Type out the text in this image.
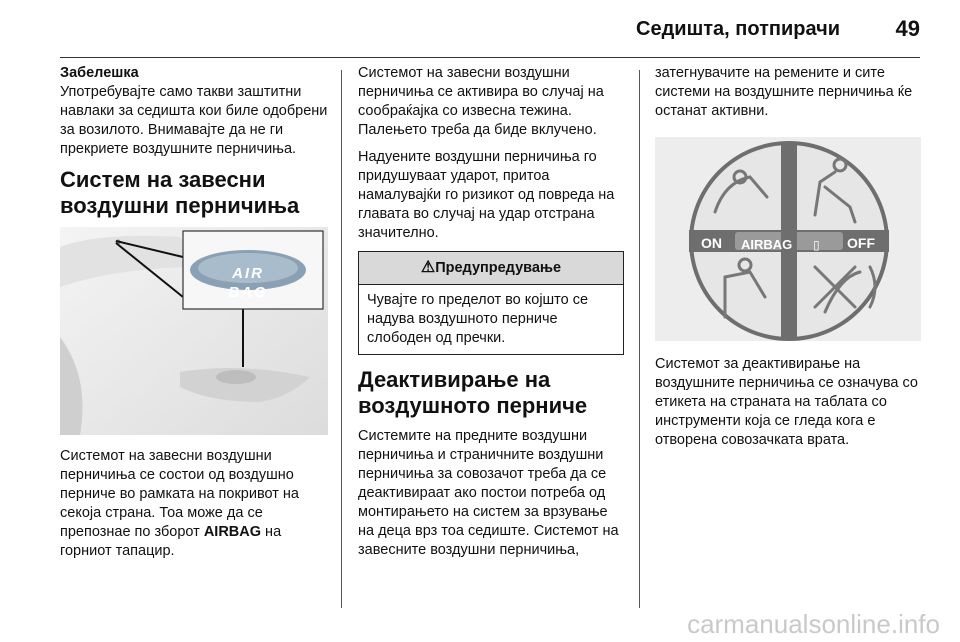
Седишта, потпирачи	49
Забелешка

Употребувајте само такви заштитни навлаки за седишта кои биле одобрени за возилото. Внимавајте да не ги прекриете воздушните перничиња.

Систем на завесни воздушни перничиња

AIR BAG

Системот на завесни воздушни перничиња се состои од воздушно перниче во рамката на покривот на секоја страна. Тоа може да се препознае по зборот AIRBAG на горниот тапацир.

Системот на завесни воздушни перничиња се активира во случај на сообраќајка со извесна тежина. Палењето треба да биде вклучено.

Надуените воздушни перничиња го придушуваат ударот, притоа намалувајќи го ризикот од повреда на главата во случај на удар отстрана значително.

⚠Предупредување
Чувајте го пределот во којшто се надува воздушното перниче слободен од пречки.

Деактивирање на воздушното перниче

Системите на предните воздушни перничиња и страничните воздушни перничиња за совозачот треба да се деактивираат ако постои потреба од монтирањето на систем за врзување на деца врз тоа седиште. Системот на завесните воздушни перничиња,

затегнувачите на ремените и сите системи на воздушните перничиња ќе останат активни.

ON AIRBAG ▯ OFF

Системот за деактивирање на воздушните перничиња се означува со етикета на страната на таблата со инструменти која се гледа кога е отворена совозачката врата.

carmanualsonline.info
